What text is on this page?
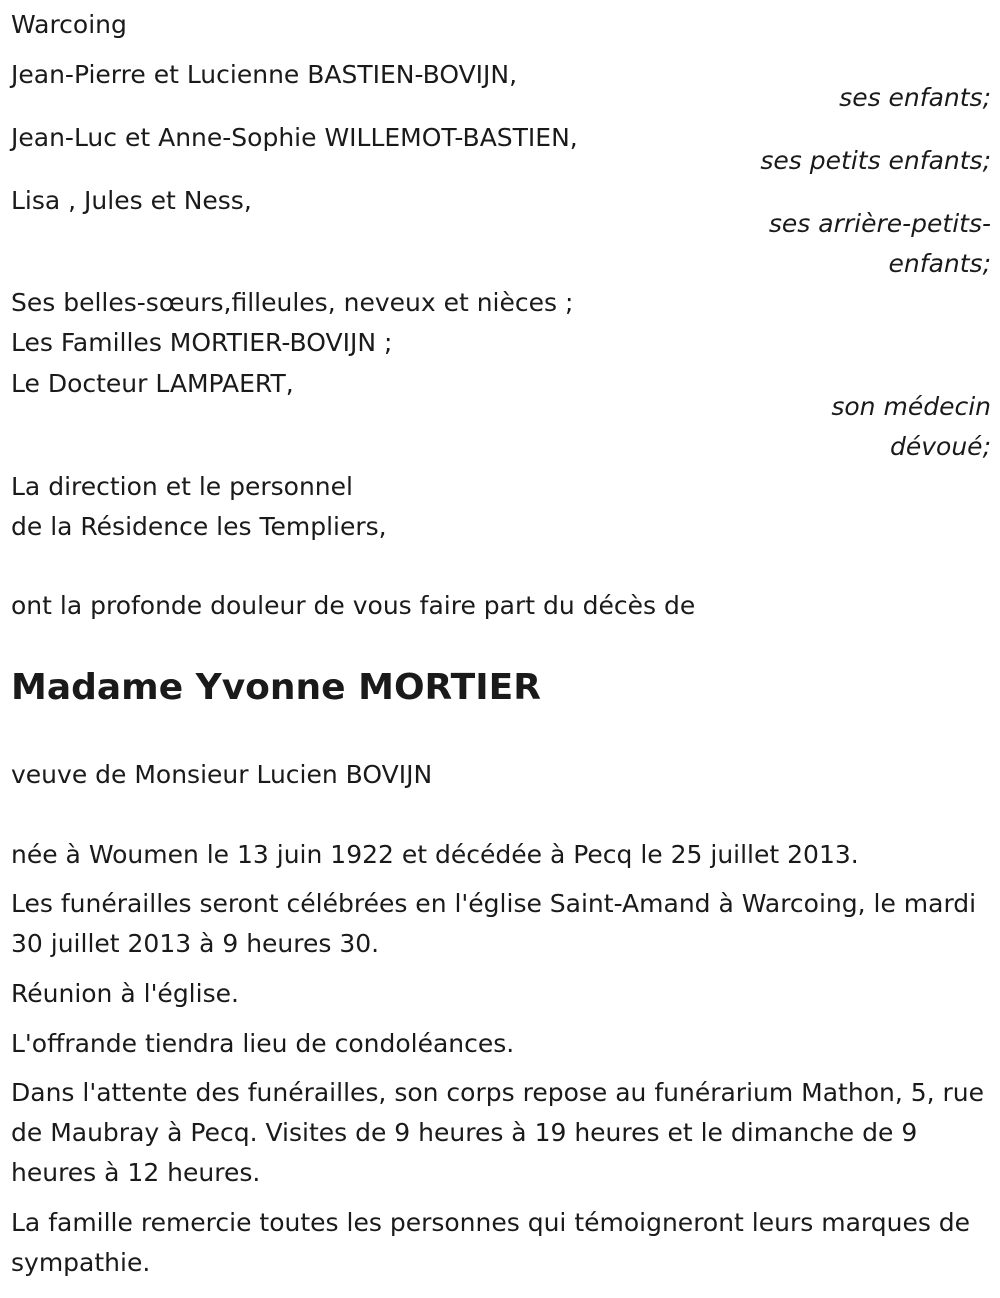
Warcoing
Jean-Pierre et Lucienne BASTIEN-BOVIJN,
ses enfants;
Jean-Luc et Anne-Sophie WILLEMOT-BASTIEN,
ses petits enfants;
Lisa , Jules et Ness,
ses arrière-petits-
enfants;
Ses belles-sœurs,filleules, neveux et nièces ;
Les Familles MORTIER-BOVIJN ;
Le Docteur LAMPAERT,
son médecin
dévoué;
La direction et le personnel
de la Résidence les Templiers,
ont la profonde douleur de vous faire part du décès de
Madame Yvonne MORTIER
veuve de Monsieur Lucien BOVIJN
née à Woumen le 13 juin 1922 et décédée à Pecq le 25 juillet 2013.
Les funérailles seront célébrées en l'église Saint-Amand à Warcoing, le mardi 30 juillet 2013 à 9 heures 30.
Réunion à l'église.
L'offrande tiendra lieu de condoléances.
Dans l'attente des funérailles, son corps repose au funérarium Mathon, 5, rue de Maubray à Pecq. Visites de 9 heures à 19 heures et le dimanche de 9 heures à 12 heures.
La famille remercie toutes les personnes qui témoigneront leurs marques de sympathie.
